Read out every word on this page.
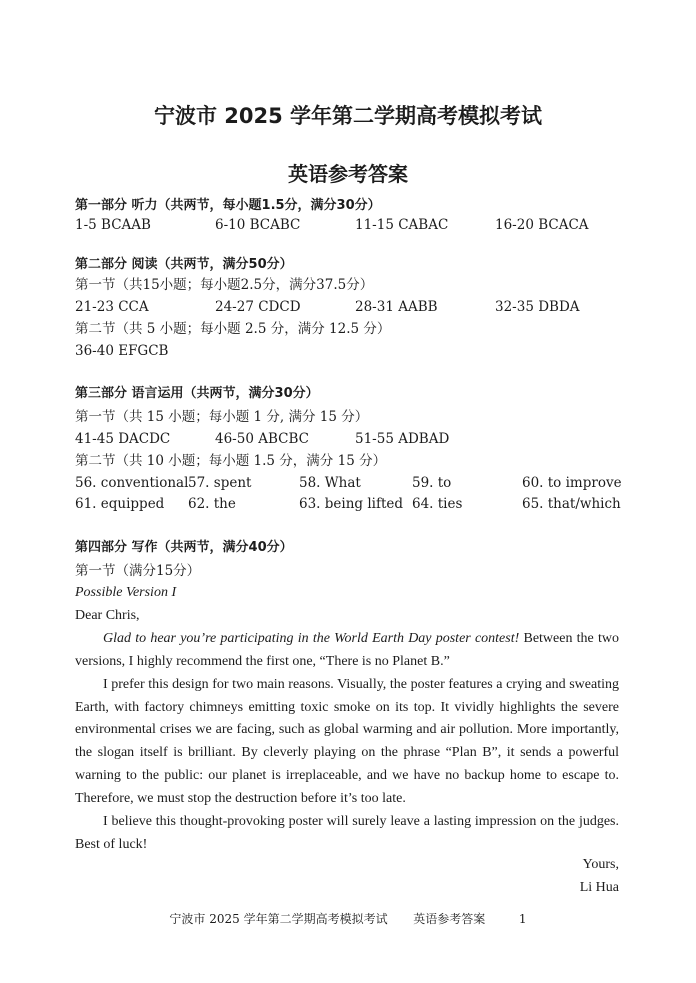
宁波市 2025 学年第二学期高考模拟考试
英语参考答案
第一部分 听力（共两节，每小题1.5分，满分30分）
1-5 BCAAB	6-10 BCABC	11-15 CABAC	16-20 BCACA
第二部分 阅读（共两节，满分50分）
第一节（共15小题；每小题2.5分，满分37.5分）
21-23 CCA	24-27 CDCD	28-31 AABB	32-35 DBDA
第二节（共 5 小题；每小题 2.5 分，满分 12.5 分）
36-40 EFGCB
第三部分 语言运用（共两节，满分30分）
第一节（共 15 小题；每小题 1 分, 满分 15 分）
41-45 DACDC	46-50 ABCBC	51-55 ADBAD
第二节（共 10 小题；每小题 1.5 分，满分 15 分）
56. conventional 57. spent	58. What	59. to	60. to improve
61. equipped 62. the	63. being lifted 64. ties	65. that/which
第四部分 写作（共两节，满分40分）
第一节（满分15分）
Possible Version I
Dear Chris,
Glad to hear you’re participating in the World Earth Day poster contest! Between the two versions, I highly recommend the first one, “There is no Planet B.”
I prefer this design for two main reasons. Visually, the poster features a crying and sweating Earth, with factory chimneys emitting toxic smoke on its top. It vividly highlights the severe environmental crises we are facing, such as global warming and air pollution. More importantly, the slogan itself is brilliant. By cleverly playing on the phrase “Plan B”, it sends a powerful warning to the public: our planet is irreplaceable, and we have no backup home to escape to. Therefore, we must stop the destruction before it’s too late.
I believe this thought-provoking poster will surely leave a lasting impression on the judges. Best of luck!
Yours,
Li Hua
宁波市 2025 学年第二学期高考模拟考试 英语参考答案	1
